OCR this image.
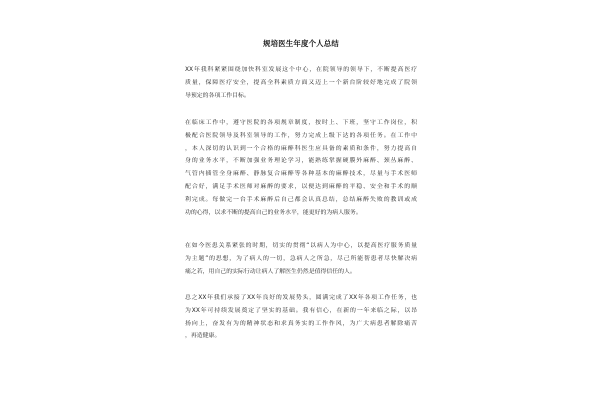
规培医生年度个人总结
XX年我科紧紧围绕加快科室发展这个中心，在院领导的领导下，不断提高医疗
质量，保障医疗安全，提高全科素质方面又迈上一个新台阶较好地完成了院领
导预定的各项工作目标。
在临床工作中，遵守医院的各项规章制度，按时上、下班，坚守工作岗位，积
极配合医院领导及科室领导的工作，努力完成上级下达的各项任务。在工作中
，本人深切的认识到一个合格的麻醉科医生应具备的素质和条件，努力提高自
身的业务水平，不断加强业务理论学习，能熟练掌握硬膜外麻醉、颈丛麻醉、
气管内插管全身麻醉、静脉复合麻醉等各种基本的麻醉技术，尽量与手术医师
配合好，满足手术医师对麻醉的要求，以便达到麻醉的平稳、安全和手术的顺
利完成。每做完一台手术麻醉后自己都会认真总结，总结麻醉失败的教训或成
功的心得，以求不断的提高自己的业务水平，能更好的为病人服务。
在如今医患关系紧张的时期，切实的贯彻“以病人为中心，以提高医疗服务质量
为主题”的思想，为了病人的一切，急病人之所急，尽己所能帮患者尽快解决病
痛之若，用自己的实际行动让病人了解医生仍然是值得信任的人。
总之XX年我们承接了XX年良好的发展势头，圆满完成了XX年各项工作任务，也
为XX年可持续发展奠定了坚实的基础。我有信心，在新的一年来临之际，以昂
扬向上，奋发有为的精神状态和求真务实的工作作风，为广大病患者解除痛苦
，再造健康。
